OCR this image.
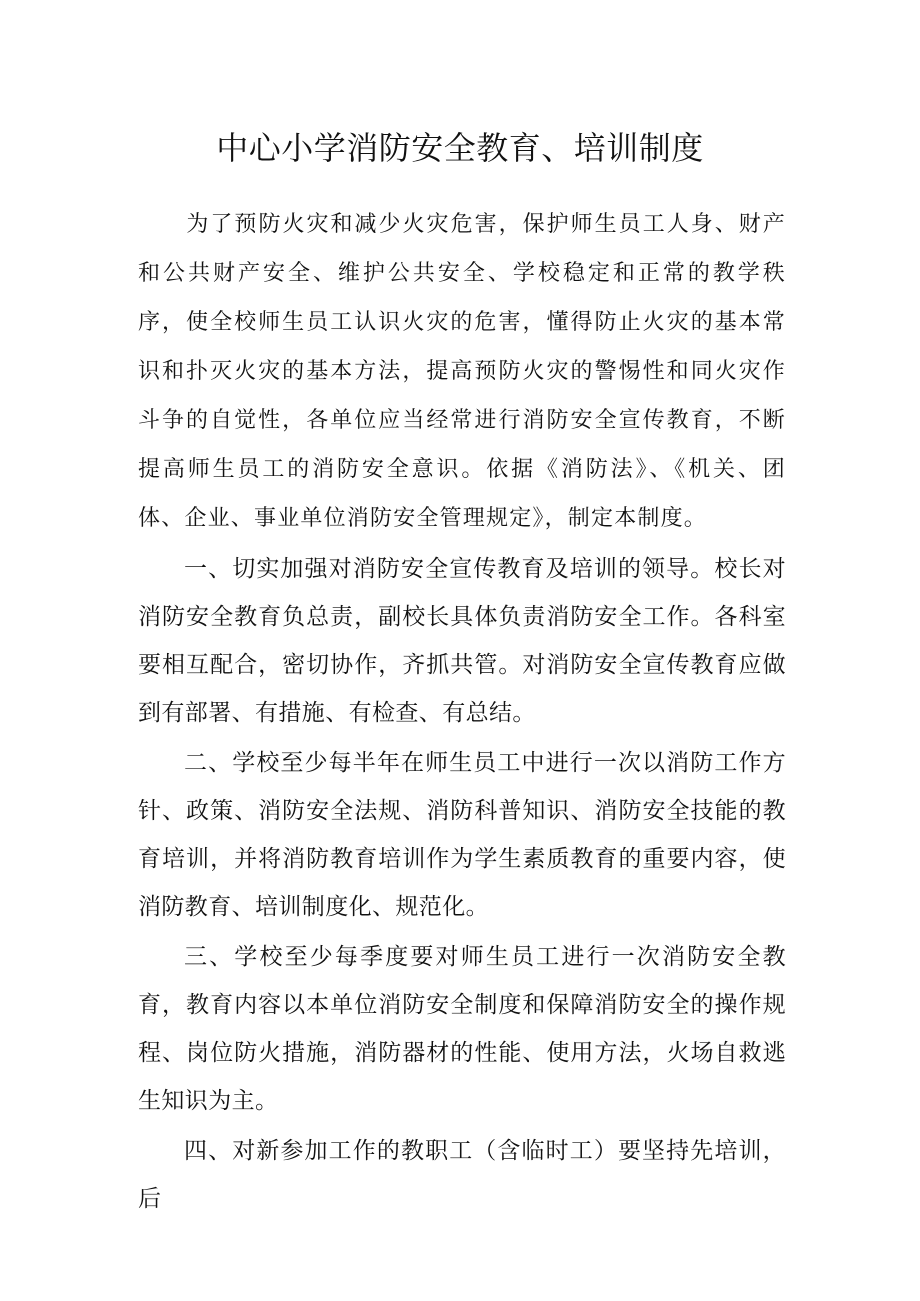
中心小学消防安全教育、培训制度

为了预防火灾和减少火灾危害，保护师生员工人身、财产和公共财产安全、维护公共安全、学校稳定和正常的教学秩序，使全校师生员工认识火灾的危害，懂得防止火灾的基本常识和扑灭火灾的基本方法，提高预防火灾的警惕性和同火灾作斗争的自觉性，各单位应当经常进行消防安全宣传教育，不断提高师生员工的消防安全意识。依据《消防法》、《机关、团体、企业、事业单位消防安全管理规定》，制定本制度。

一、切实加强对消防安全宣传教育及培训的领导。校长对消防安全教育负总责，副校长具体负责消防安全工作。各科室要相互配合，密切协作，齐抓共管。对消防安全宣传教育应做到有部署、有措施、有检查、有总结。

二、学校至少每半年在师生员工中进行一次以消防工作方针、政策、消防安全法规、消防科普知识、消防安全技能的教育培训，并将消防教育培训作为学生素质教育的重要内容，使消防教育、培训制度化、规范化。

三、学校至少每季度要对师生员工进行一次消防安全教育，教育内容以本单位消防安全制度和保障消防安全的操作规程、岗位防火措施，消防器材的性能、使用方法，火场自救逃生知识为主。

四、对新参加工作的教职工（含临时工）要坚持先培训，后
